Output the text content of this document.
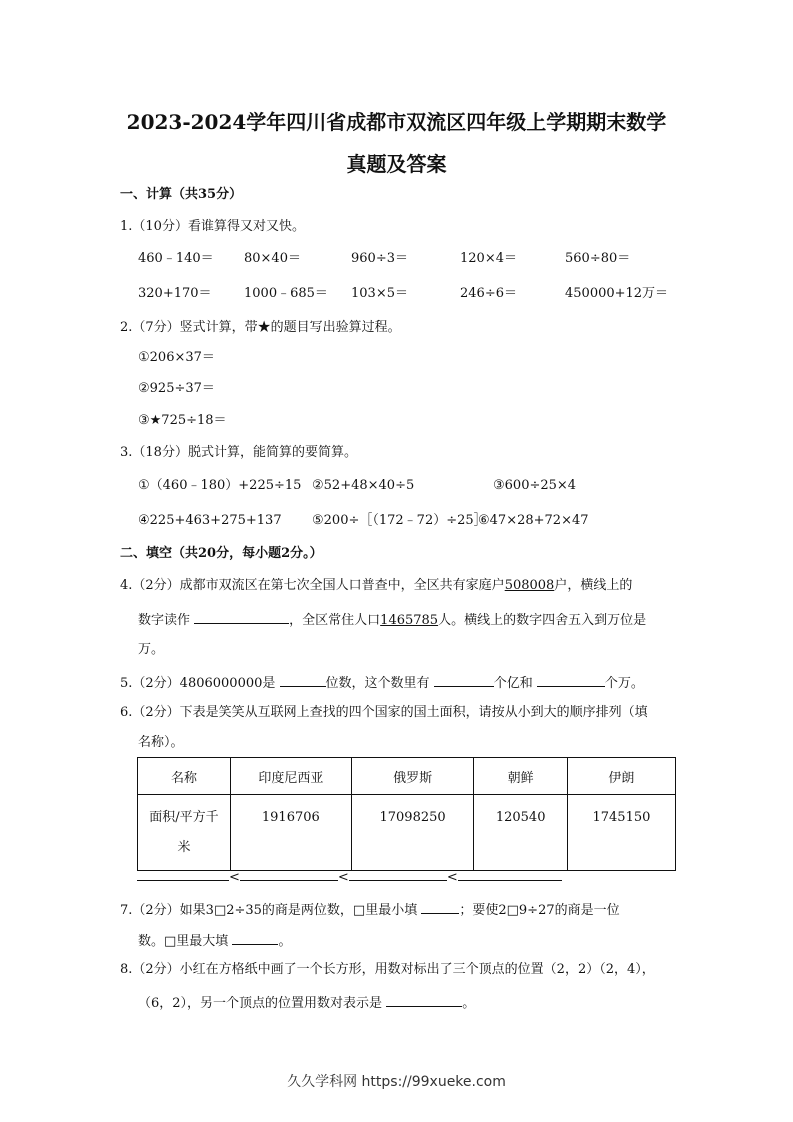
2023-2024学年四川省成都市双流区四年级上学期期末数学
真题及答案
一、计算（共35分）
1.（10分）看谁算得又对又快。
460﹣140＝ 80×40＝	960÷3＝	120×4＝	560÷80＝
320+170＝ 1000﹣685＝ 103×5＝	246÷6＝	450000+12万＝
2.（7分）竖式计算，带★的题目写出验算过程。
①206×37＝
②925÷37＝
③★725÷18＝
3.（18分）脱式计算，能简算的要简算。
①（460﹣180）+225÷15 ②52+48×40÷5	③600÷25×4
④225+463+275+137 ⑤200÷［（172﹣72）÷25］
⑥47×28+72×47
二、填空（共20分，每小题2分。）
4.（2分）成都市双流区在第七次全国人口普查中，全区共有家庭户508008户，横线上的
数字读作	，全区常住人口1465785人。横线上的数字四舍五入到万位是
万。
5.（2分）4806000000是	位数，这个数里有	个亿和	个万。
6.（2分）下表是笑笑从互联网上查找的四个国家的国土面积，请按从小到大的顺序排列（填
名称）。
名称	印度尼西亚	俄罗斯	朝鲜	伊朗
面积/平方千
米	1916706	17098250	120540	1745150
<	<	<
7.（2分）如果3□2÷35的商是两位数，□里最小填	；要使2□9÷27的商是一位
数。□里最大填	。
8.（2分）小红在方格纸中画了一个长方形，用数对标出了三个顶点的位置（2，2）（2，4），
（6，2），另一个顶点的位置用数对表示是	。
久久学科网 https://99xueke.com
